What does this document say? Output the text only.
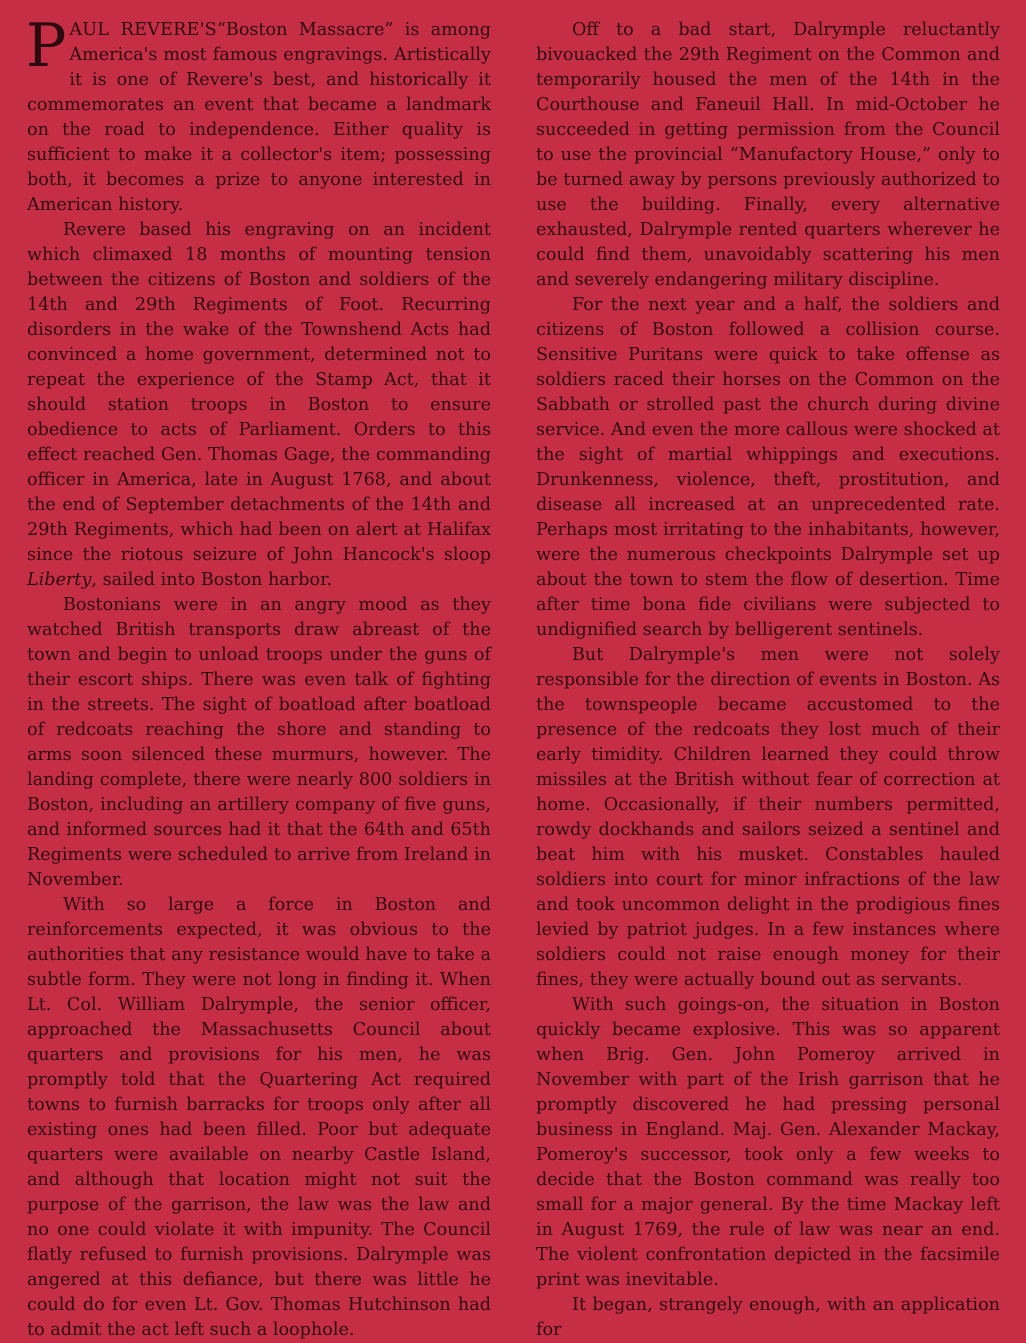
PAUL REVERE'S“Boston Massacre” is among America's most famous engravings. Artistically it is one of Revere's best, and historically it commemorates an event that became a landmark on the road to independence. Either quality is sufficient to make it a collector's item; possessing both, it becomes a prize to anyone interested in American history.

Revere based his engraving on an incident which climaxed 18 months of mounting tension between the citizens of Boston and soldiers of the 14th and 29th Regiments of Foot. Recurring disorders in the wake of the Townshend Acts had convinced a home government, determined not to repeat the experience of the Stamp Act, that it should station troops in Boston to ensure obedience to acts of Parliament. Orders to this effect reached Gen. Thomas Gage, the commanding officer in America, late in August 1768, and about the end of September detachments of the 14th and 29th Regiments, which had been on alert at Halifax since the riotous seizure of John Hancock's sloop Liberty, sailed into Boston harbor.

Bostonians were in an angry mood as they watched British transports draw abreast of the town and begin to unload troops under the guns of their escort ships. There was even talk of fighting in the streets. The sight of boatload after boatload of redcoats reaching the shore and standing to arms soon silenced these murmurs, however. The landing complete, there were nearly 800 soldiers in Boston, including an artillery company of five guns, and informed sources had it that the 64th and 65th Regiments were scheduled to arrive from Ireland in November.

With so large a force in Boston and reinforcements expected, it was obvious to the authorities that any resistance would have to take a subtle form. They were not long in finding it. When Lt. Col. William Dalrymple, the senior officer, approached the Massachusetts Council about quarters and provisions for his men, he was promptly told that the Quartering Act required towns to furnish barracks for troops only after all existing ones had been filled. Poor but adequate quarters were available on nearby Castle Island, and although that location might not suit the purpose of the garrison, the law was the law and no one could violate it with impunity. The Council flatly refused to furnish provisions. Dalrymple was angered at this defiance, but there was little he could do for even Lt. Gov. Thomas Hutchinson had to admit the act left such a loophole.

Off to a bad start, Dalrymple reluctantly bivouacked the 29th Regiment on the Common and temporarily housed the men of the 14th in the Courthouse and Faneuil Hall. In mid-October he succeeded in getting permission from the Council to use the provincial “Manufactory House,” only to be turned away by persons previously authorized to use the building. Finally, every alternative exhausted, Dalrymple rented quarters wherever he could find them, unavoidably scattering his men and severely endangering military discipline.

For the next year and a half, the soldiers and citizens of Boston followed a collision course. Sensitive Puritans were quick to take offense as soldiers raced their horses on the Common on the Sabbath or strolled past the church during divine service. And even the more callous were shocked at the sight of martial whippings and executions. Drunkenness, violence, theft, prostitution, and disease all increased at an unprecedented rate. Perhaps most irritating to the inhabitants, however, were the numerous checkpoints Dalrymple set up about the town to stem the flow of desertion. Time after time bona fide civilians were subjected to undignified search by belligerent sentinels.

But Dalrymple's men were not solely responsible for the direction of events in Boston. As the townspeople became accustomed to the presence of the redcoats they lost much of their early timidity. Children learned they could throw missiles at the British without fear of correction at home. Occasionally, if their numbers permitted, rowdy dockhands and sailors seized a sentinel and beat him with his musket. Constables hauled soldiers into court for minor infractions of the law and took uncommon delight in the prodigious fines levied by patriot judges. In a few instances where soldiers could not raise enough money for their fines, they were actually bound out as servants.

With such goings-on, the situation in Boston quickly became explosive. This was so apparent when Brig. Gen. John Pomeroy arrived in November with part of the Irish garrison that he promptly discovered he had pressing personal business in England. Maj. Gen. Alexander Mackay, Pomeroy's successor, took only a few weeks to decide that the Boston command was really too small for a major general. By the time Mackay left in August 1769, the rule of law was near an end. The violent confrontation depicted in the facsimile print was inevitable.

It began, strangely enough, with an application for
